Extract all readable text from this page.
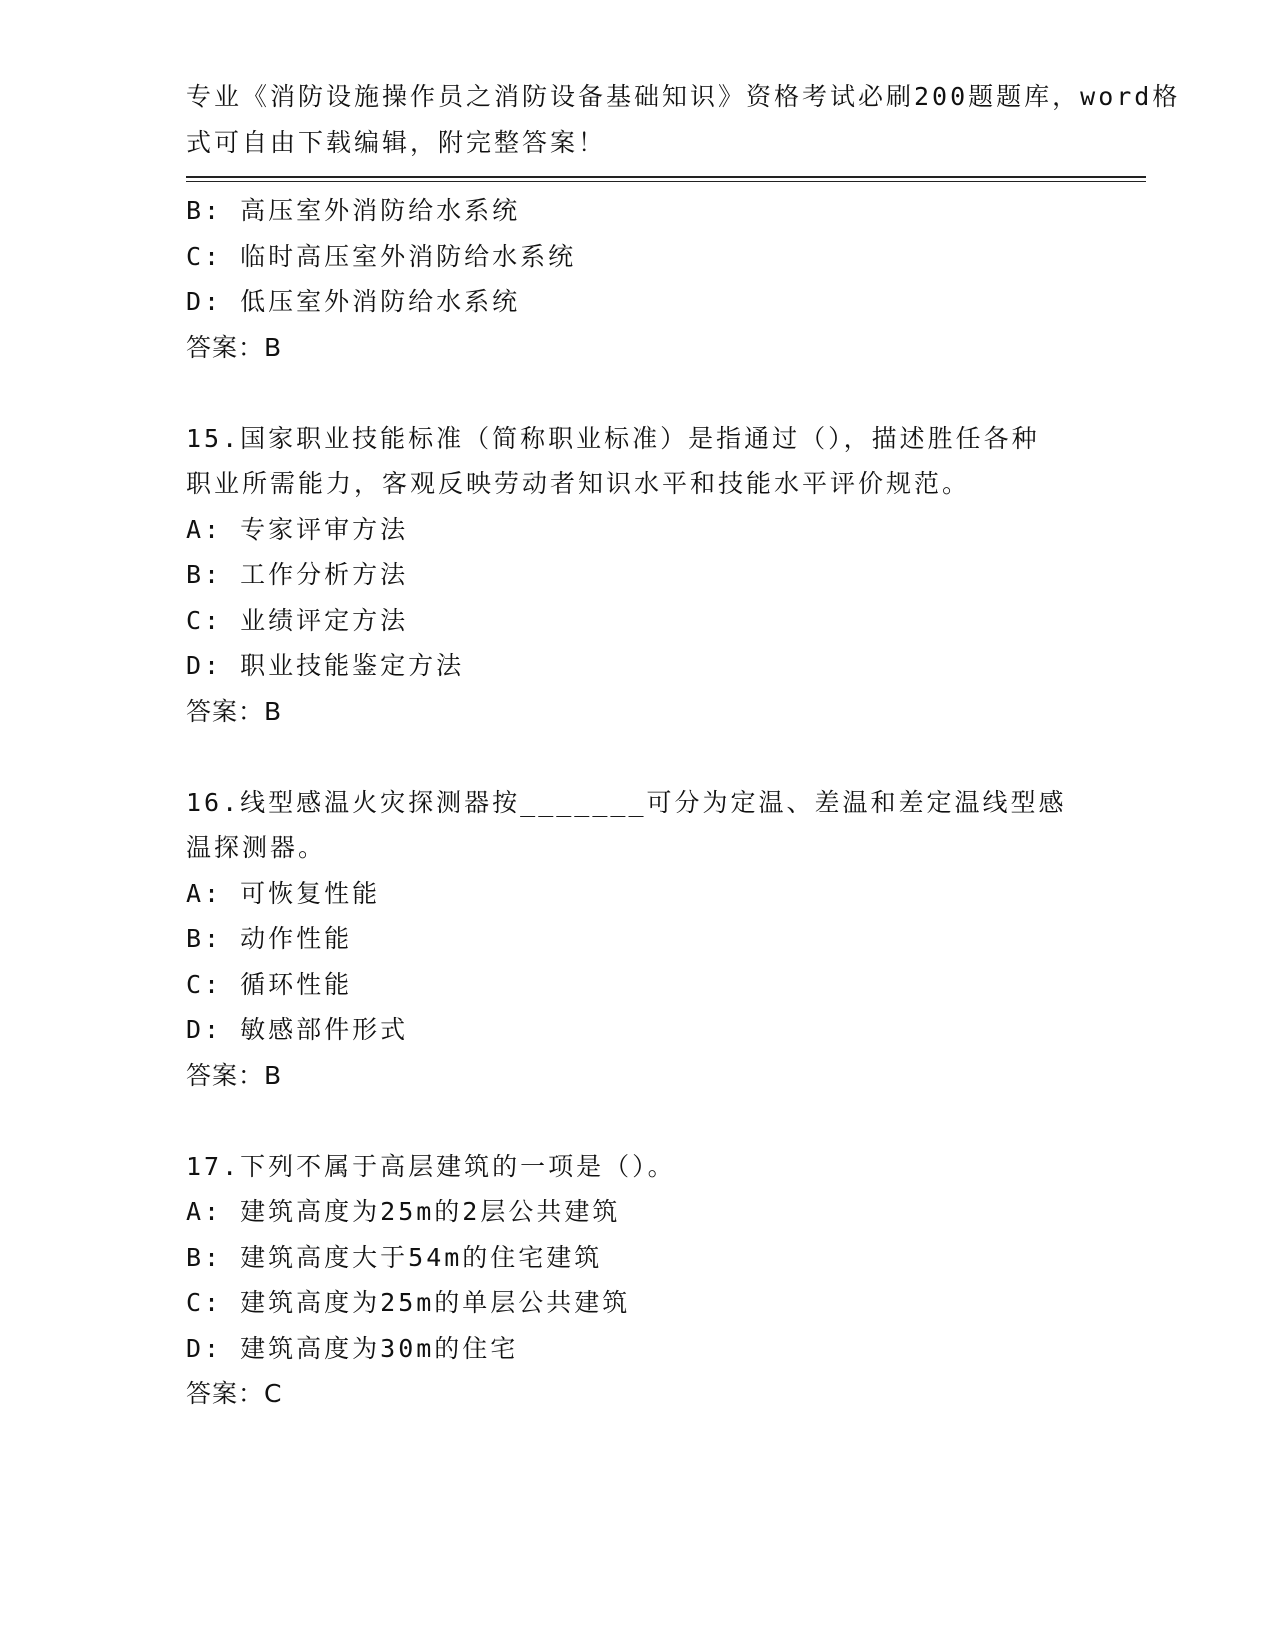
专业《消防设施操作员之消防设备基础知识》资格考试必刷200题题库，word格
式可自由下载编辑，附完整答案！
B: 高压室外消防给水系统
C: 临时高压室外消防给水系统
D: 低压室外消防给水系统
答案：B
15.国家职业技能标准（简称职业标准）是指通过（），描述胜任各种
职业所需能力，客观反映劳动者知识水平和技能水平评价规范。
A: 专家评审方法
B: 工作分析方法
C: 业绩评定方法
D: 职业技能鉴定方法
答案：B
16.线型感温火灾探测器按_______可分为定温、差温和差定温线型感
温探测器。
A: 可恢复性能
B: 动作性能
C: 循环性能
D: 敏感部件形式
答案：B
17.下列不属于高层建筑的一项是（）。
A: 建筑高度为25m的2层公共建筑
B: 建筑高度大于54m的住宅建筑
C: 建筑高度为25m的单层公共建筑
D: 建筑高度为30m的住宅
答案：C
